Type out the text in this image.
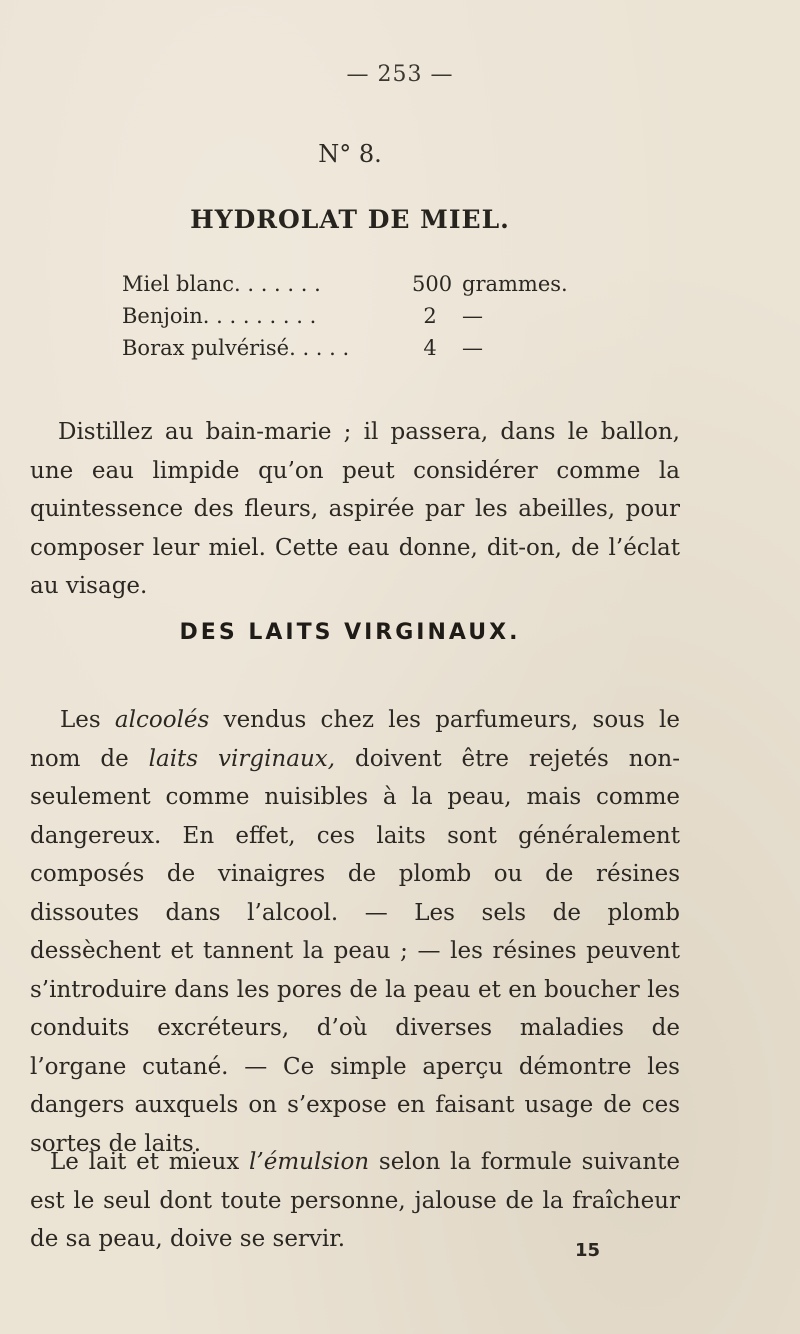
— 253 —
N° 8.
HYDROLAT DE MIEL.
Miel blanc. . . . . . .	500 grammes.
Benjoin. . . . . . . . .	2	—
Borax pulvérisé. . . . .	4	—

Distillez au bain-marie ; il passera, dans le ballon, une eau limpide qu’on peut considérer comme la quintessence des fleurs, aspirée par les abeilles, pour composer leur miel. Cette eau donne, dit-on, de l’éclat au visage.

DES LAITS VIRGINAUX.

Les alcoolés vendus chez les parfumeurs, sous le nom de laits virginaux, doivent être rejetés non-seulement comme nuisibles à la peau, mais comme dangereux. En effet, ces laits sont généralement composés de vinaigres de plomb ou de résines dissoutes dans l’alcool. — Les sels de plomb dessèchent et tannent la peau ; — les résines peuvent s’introduire dans les pores de la peau et en boucher les conduits excréteurs, d’où diverses maladies de l’organe cutané. — Ce simple aperçu démontre les dangers auxquels on s’expose en faisant usage de ces sortes de laits.

Le lait et mieux l’émulsion selon la formule suivante est le seul dont toute personne, jalouse de la fraîcheur de sa peau, doive se servir.	15
